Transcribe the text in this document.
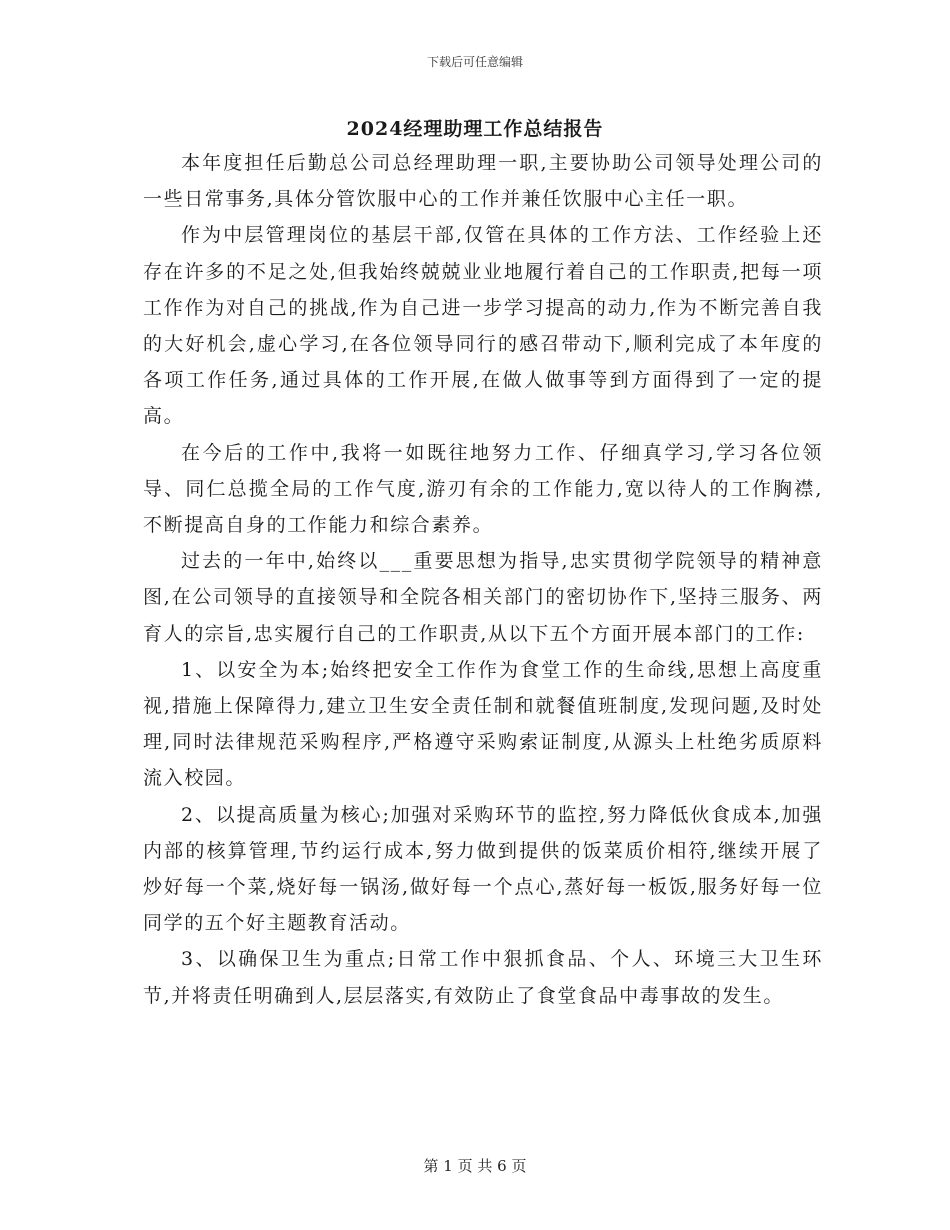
下载后可任意编辑
2024经理助理工作总结报告

本年度担任后勤总公司总经理助理一职,主要协助公司领导处理公司的一些日常事务,具体分管饮服中心的工作并兼任饮服中心主任一职。

作为中层管理岗位的基层干部,仅管在具体的工作方法、工作经验上还存在许多的不足之处,但我始终兢兢业业地履行着自己的工作职责,把每一项工作作为对自己的挑战,作为自己进一步学习提高的动力,作为不断完善自我的大好机会,虚心学习,在各位领导同行的感召带动下,顺利完成了本年度的各项工作任务,通过具体的工作开展,在做人做事等到方面得到了一定的提高。

在今后的工作中,我将一如既往地努力工作、仔细真学习,学习各位领导、同仁总揽全局的工作气度,游刃有余的工作能力,宽以待人的工作胸襟,不断提高自身的工作能力和综合素养。

过去的一年中,始终以___重要思想为指导,忠实贯彻学院领导的精神意图,在公司领导的直接领导和全院各相关部门的密切协作下,坚持三服务、两育人的宗旨,忠实履行自己的工作职责,从以下五个方面开展本部门的工作:

1、以安全为本;始终把安全工作作为食堂工作的生命线,思想上高度重视,措施上保障得力,建立卫生安全责任制和就餐值班制度,发现问题,及时处理,同时法律规范采购程序,严格遵守采购索证制度,从源头上杜绝劣质原料流入校园。

2、以提高质量为核心;加强对采购环节的监控,努力降低伙食成本,加强内部的核算管理,节约运行成本,努力做到提供的饭菜质价相符,继续开展了炒好每一个菜,烧好每一锅汤,做好每一个点心,蒸好每一板饭,服务好每一位同学的五个好主题教育活动。

3、以确保卫生为重点;日常工作中狠抓食品、个人、环境三大卫生环节,并将责任明确到人,层层落实,有效防止了食堂食品中毒事故的发生。

第 1 页 共 6 页
